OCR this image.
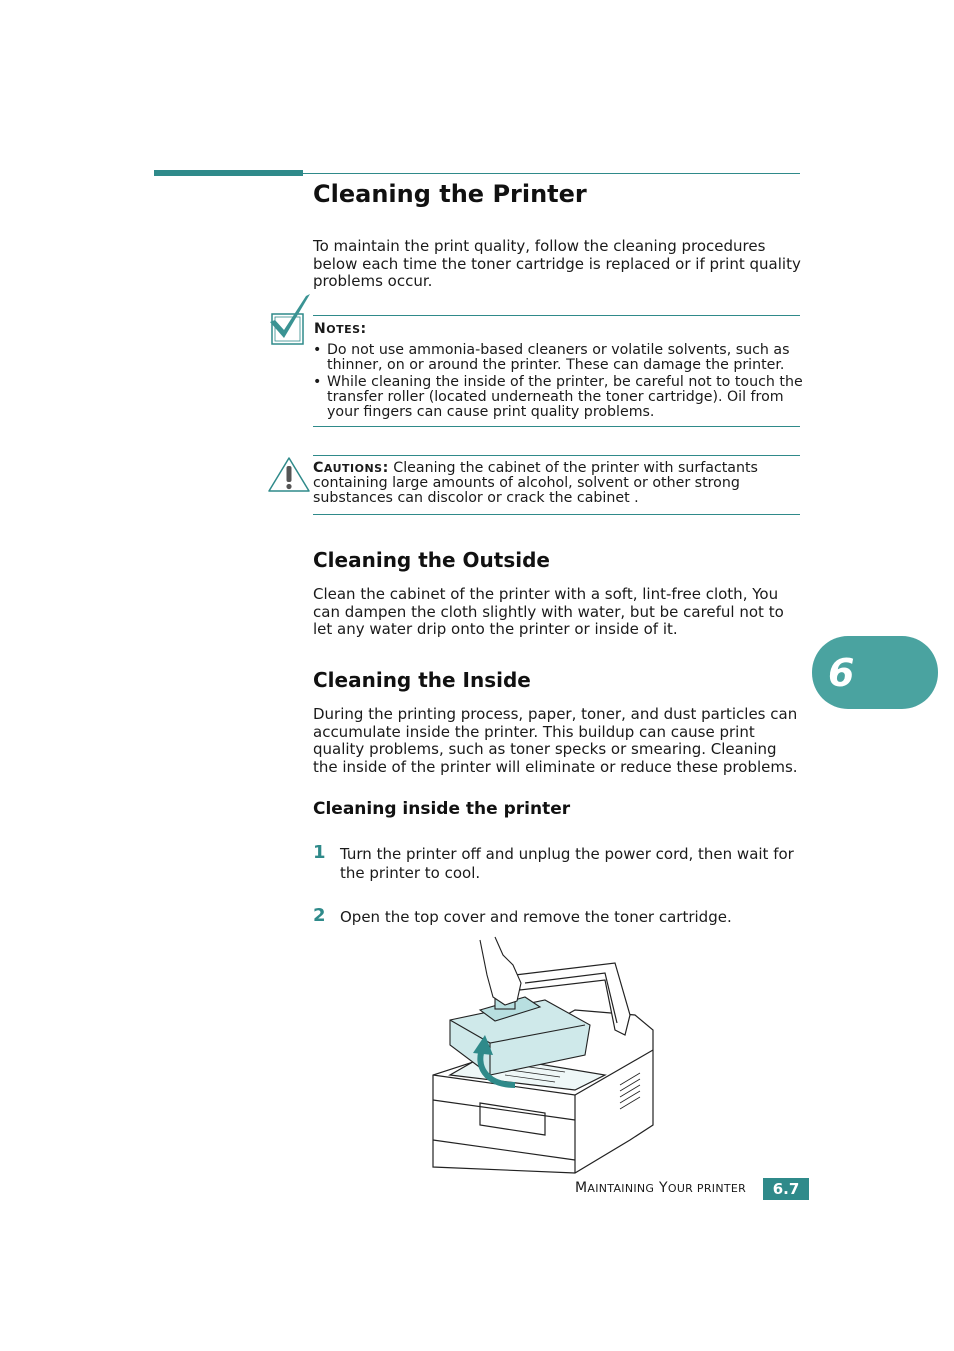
Cleaning the Printer
To maintain the print quality, follow the cleaning procedures below each time the toner cartridge is replaced or if print quality problems occur.
NOTES:
• Do not use ammonia-based cleaners or volatile solvents, such as thinner, on or around the printer. These can damage the printer.
• While cleaning the inside of the printer, be careful not to touch the transfer roller (located underneath the toner cartridge). Oil from your fingers can cause print quality problems.
CAUTIONS: Cleaning the cabinet of the printer with surfactants containing large amounts of alcohol, solvent or other strong substances can discolor or crack the cabinet .
Cleaning the Outside
Clean the cabinet of the printer with a soft, lint-free cloth, You can dampen the cloth slightly with water, but be careful not to let any water drip onto the printer or inside of it.
Cleaning the Inside
During the printing process, paper, toner, and dust particles can accumulate inside the printer. This buildup can cause print quality problems, such as toner specks or smearing. Cleaning the inside of the printer will eliminate or reduce these problems.
Cleaning inside the printer
1 Turn the printer off and unplug the power cord, then wait for the printer to cool.
2 Open the top cover and remove the toner cartridge.
6
MAINTAINING YOUR PRINTER	6.7
